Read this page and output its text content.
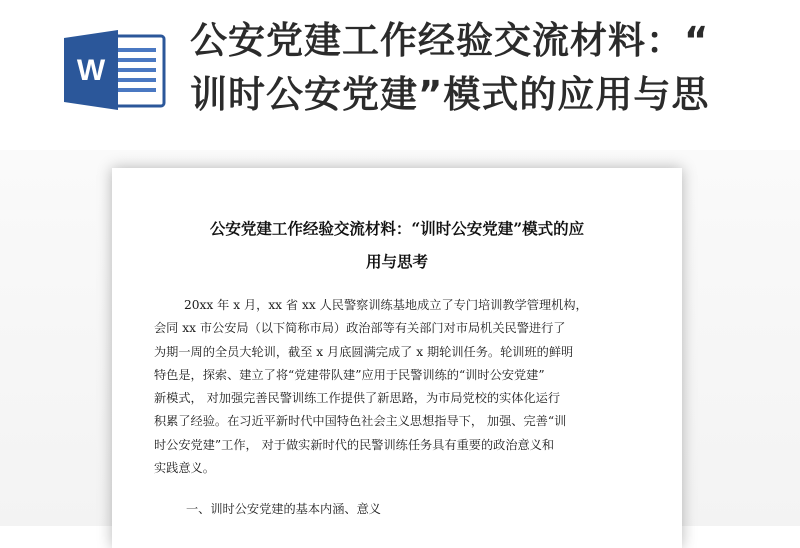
W
公安党建工作经验交流材料：“
训时公安党建”模式的应用与思
公安党建工作经验交流材料：“训时公安党建”模式的应
用与思考
20xx 年 x 月，xx 省 xx 人民警察训练基地成立了专门培训教学管理机构，
会同 xx 市公安局（以下简称市局）政治部等有关部门对市局机关民警进行了
为期一周的全员大轮训，截至 x 月底圆满完成了 x 期轮训任务。轮训班的鲜明
特色是，探索、建立了将“党建带队建”应用于民警训练的“训时公安党建”
新模式， 对加强完善民警训练工作提供了新思路，为市局党校的实体化运行
积累了经验。在习近平新时代中国特色社会主义思想指导下， 加强、完善“训
时公安党建”工作， 对于做实新时代的民警训练任务具有重要的政治意义和
实践意义。
一、训时公安党建的基本内涵、意义
